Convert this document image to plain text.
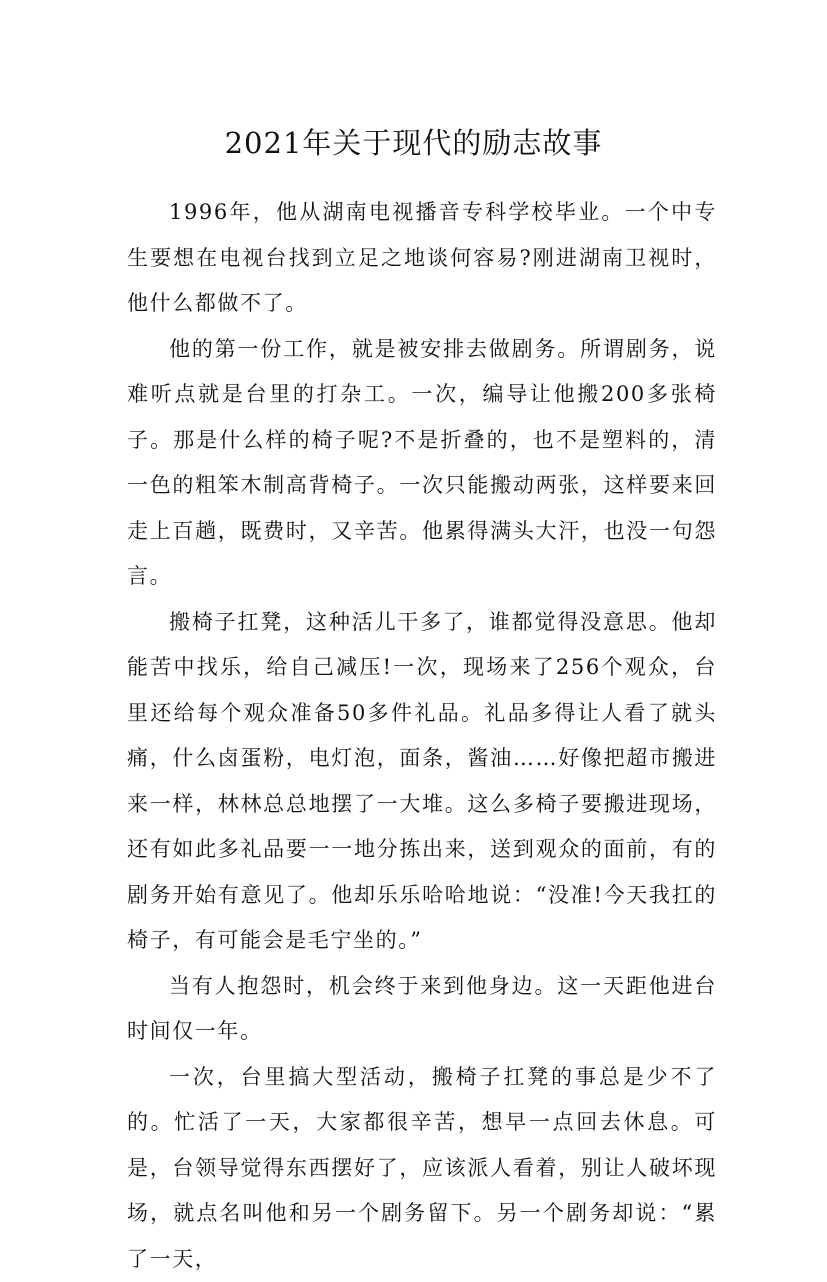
2021年关于现代的励志故事

1996年，他从湖南电视播音专科学校毕业。一个中专生要想在电视台找到立足之地谈何容易?刚进湖南卫视时，他什么都做不了。

他的第一份工作，就是被安排去做剧务。所谓剧务，说难听点就是台里的打杂工。一次，编导让他搬200多张椅子。那是什么样的椅子呢?不是折叠的，也不是塑料的，清一色的粗笨木制高背椅子。一次只能搬动两张，这样要来回走上百趟，既费时，又辛苦。他累得满头大汗，也没一句怨言。

搬椅子扛凳，这种活儿干多了，谁都觉得没意思。他却能苦中找乐，给自己减压!一次，现场来了256个观众，台里还给每个观众准备50多件礼品。礼品多得让人看了就头痛，什么卤蛋粉，电灯泡，面条，酱油……好像把超市搬进来一样，林林总总地摆了一大堆。这么多椅子要搬进现场，还有如此多礼品要一一地分拣出来，送到观众的面前，有的剧务开始有意见了。他却乐乐哈哈地说：“没准!今天我扛的椅子，有可能会是毛宁坐的。”

当有人抱怨时，机会终于来到他身边。这一天距他进台时间仅一年。

一次，台里搞大型活动，搬椅子扛凳的事总是少不了的。忙活了一天，大家都很辛苦，想早一点回去休息。可是，台领导觉得东西摆好了，应该派人看着，别让人破坏现场，就点名叫他和另一个剧务留下。另一个剧务却说：“累了一天，
